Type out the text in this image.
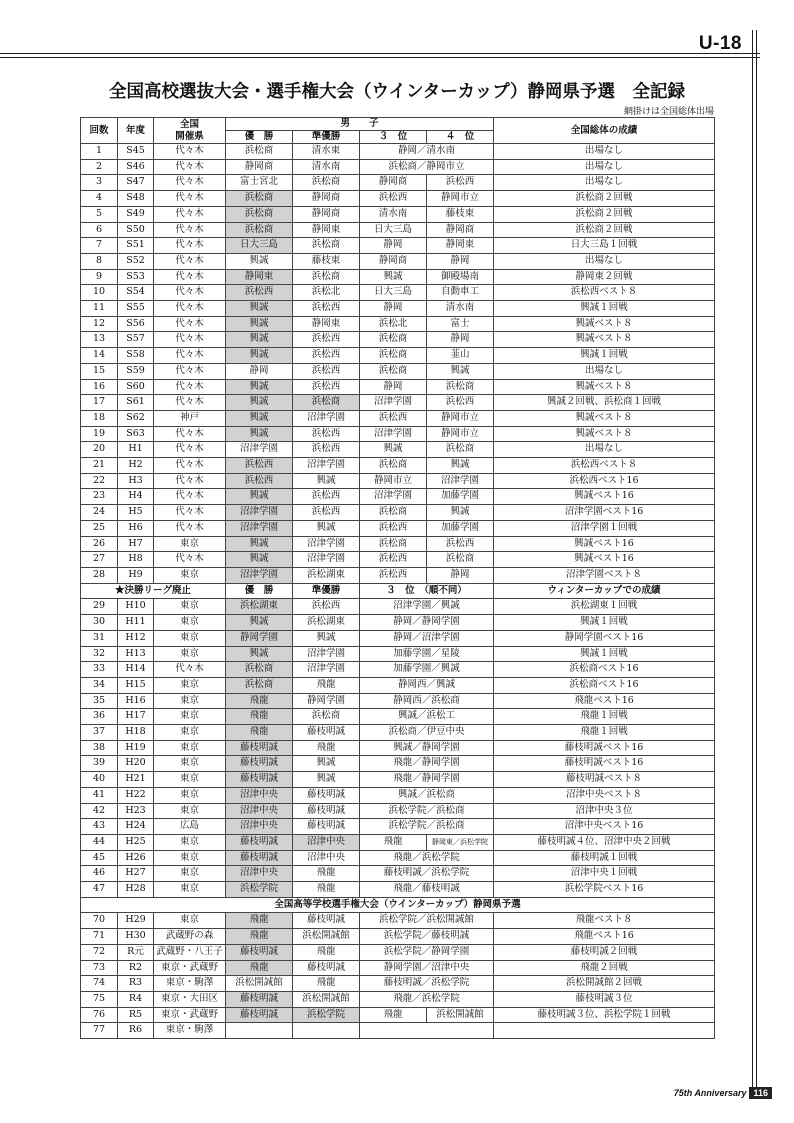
U-18
全国高校選抜大会・選手権大会（ウインターカップ）静岡県予選　全記録
網掛けは全国総体出場
回数	年度	全国
開催県	男　　子				全国総体の成績
			優　勝	準優勝	３　位	４　位	
1	S45	代々木	浜松商	清水東	静岡／清水南		出場なし
2	S46	代々木	静岡商	清水南	浜松商／静岡市立		出場なし
3	S47	代々木	富士宮北	浜松商	静岡商	浜松西	出場なし
4	S48	代々木	浜松商	静岡商	浜松西	静岡市立	浜松商２回戦
5	S49	代々木	浜松商	静岡商	清水南	藤枝東	浜松商２回戦
6	S50	代々木	浜松商	静岡東	日大三島	静岡商	浜松商２回戦
7	S51	代々木	日大三島	浜松商	静岡	静岡東	日大三島１回戦
8	S52	代々木	興誠	藤枝東	静岡商	静岡	出場なし
9	S53	代々木	静岡東	浜松商	興誠	御殿場南	静岡東２回戦
10	S54	代々木	浜松西	浜松北	日大三島	自動車工	浜松西ベスト８
11	S55	代々木	興誠	浜松西	静岡	清水南	興誠１回戦
12	S56	代々木	興誠	静岡東	浜松北	富士	興誠ベスト８
13	S57	代々木	興誠	浜松西	浜松商	静岡	興誠ベスト８
14	S58	代々木	興誠	浜松西	浜松商	韮山	興誠１回戦
15	S59	代々木	静岡	浜松西	浜松商	興誠	出場なし
16	S60	代々木	興誠	浜松西	静岡	浜松商	興誠ベスト８
17	S61	代々木	興誠	浜松商	沼津学園	浜松西	興誠２回戦、浜松商１回戦
18	S62	神戸	興誠	沼津学園	浜松西	静岡市立	興誠ベスト８
19	S63	代々木	興誠	浜松西	沼津学園	静岡市立	興誠ベスト８
20	H1	代々木	沼津学園	浜松西	興誠	浜松商	出場なし
21	H2	代々木	浜松西	沼津学園	浜松商	興誠	浜松西ベスト８
22	H3	代々木	浜松西	興誠	静岡市立	沼津学園	浜松西ベスト16
23	H4	代々木	興誠	浜松西	沼津学園	加藤学園	興誠ベスト16
24	H5	代々木	沼津学園	浜松西	浜松商	興誠	沼津学園ベスト16
25	H6	代々木	沼津学園	興誠	浜松西	加藤学園	沼津学園１回戦
26	H7	東京	興誠	沼津学園	浜松商	浜松西	興誠ベスト16
27	H8	代々木	興誠	沼津学園	浜松西	浜松商	興誠ベスト16
28	H9	東京	沼津学園	浜松湖東	浜松西	静岡	沼津学園ベスト８
★決勝リーグ廃止			優　勝	準優勝	３　位　（順不同）		ウィンターカップでの成績
29	H10	東京	浜松湖東	浜松西	沼津学園／興誠		浜松湖東１回戦
30	H11	東京	興誠	浜松湖東	静岡／静岡学園		興誠１回戦
31	H12	東京	静岡学園	興誠	静岡／沼津学園		静岡学園ベスト16
32	H13	東京	興誠	沼津学園	加藤学園／星陵		興誠１回戦
33	H14	代々木	浜松商	沼津学園	加藤学園／興誠		浜松商ベスト16
34	H15	東京	浜松商	飛龍	静岡西／興誠		浜松商ベスト16
35	H16	東京	飛龍	静岡学園	静岡西／浜松商		飛龍ベスト16
36	H17	東京	飛龍	浜松商	興誠／浜松工		飛龍１回戦
37	H18	東京	飛龍	藤枝明誠	浜松商／伊豆中央		飛龍１回戦
38	H19	東京	藤枝明誠	飛龍	興誠／静岡学園		藤枝明誠ベスト16
39	H20	東京	藤枝明誠	興誠	飛龍／静岡学園		藤枝明誠ベスト16
40	H21	東京	藤枝明誠	興誠	飛龍／静岡学園		藤枝明誠ベスト８
41	H22	東京	沼津中央	藤枝明誠	興誠／浜松商		沼津中央ベスト８
42	H23	東京	沼津中央	藤枝明誠	浜松学院／浜松商		沼津中央３位
43	H24	広島	沼津中央	藤枝明誠	浜松学院／浜松商		沼津中央ベスト16
44	H25	東京	藤枝明誠	沼津中央	飛龍	静岡東／浜松学院	藤枝明誠４位、沼津中央２回戦
45	H26	東京	藤枝明誠	沼津中央	飛龍／浜松学院		藤枝明誠１回戦
46	H27	東京	沼津中央	飛龍	藤枝明誠／浜松学院		沼津中央１回戦
47	H28	東京	浜松学院	飛龍	飛龍／藤枝明誠		浜松学院ベスト16
全国高等学校選手権大会（ウインターカップ）静岡県予選							
70	H29	東京	飛龍	藤枝明誠	浜松学院／浜松開誠館		飛龍ベスト８
71	H30	武蔵野の森	飛龍	浜松開誠館	浜松学院／藤枝明誠		飛龍ベスト16
72	R元	武蔵野・八王子	藤枝明誠	飛龍	浜松学院／静岡学園		藤枝明誠２回戦
73	R2	東京・武蔵野	飛龍	藤枝明誠	静岡学園／沼津中央		飛龍２回戦
74	R3	東京・駒澤	浜松開誠館	飛龍	藤枝明誠／浜松学院		浜松開誠館２回戦
75	R4	東京・大田区	藤枝明誠	浜松開誠館	飛龍／浜松学院		藤枝明誠３位
76	R5	東京・武蔵野	藤枝明誠	浜松学院	飛龍	浜松開誠館	藤枝明誠３位、浜松学院１回戦
77	R6	東京・駒澤					
75th Anniversary 116
